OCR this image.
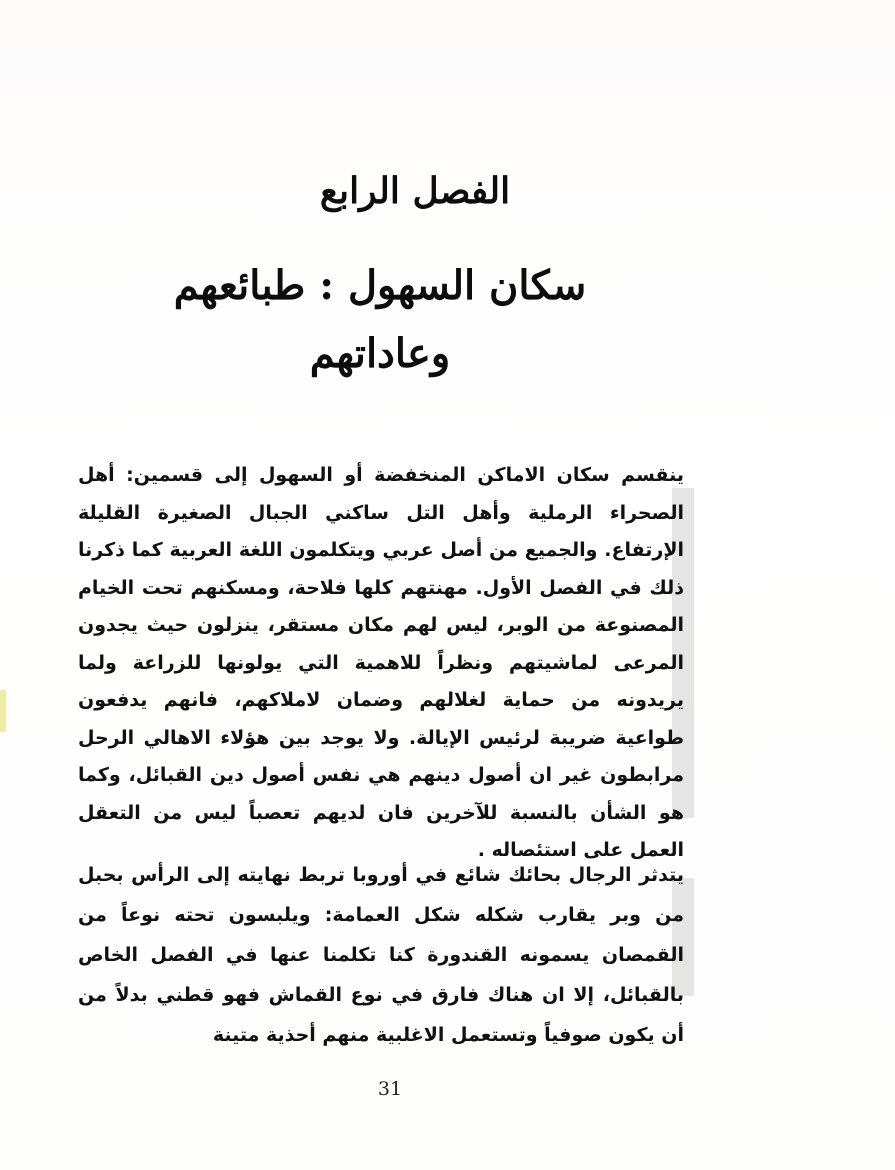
الفصل الرابع
سكان السهول : طبائعهم وعاداتهم

ينقسم سكان الاماكن المنخفضة أو السهول إلى قسمين: أهل الصحراء الرملية وأهل التل ساكني الجبال الصغيرة القليلة الإرتفاع. والجميع من أصل عربي ويتكلمون اللغة العربية كما ذكرنا ذلك في الفصل الأول. مهنتهم كلها فلاحة، ومسكنهم تحت الخيام المصنوعة من الوبر، ليس لهم مكان مستقر، ينزلون حيث يجدون المرعى لماشيتهم ونظراً للاهمية التي يولونها للزراعة ولما يريدونه من حماية لغلالهم وضمان لاملاكهم، فانهم يدفعون طواعية ضريبة لرئيس الإيالة. ولا يوجد بين هؤلاء الاهالي الرحل مرابطون غير ان أصول دينهم هي نفس أصول دين القبائل، وكما هو الشأن بالنسبة للآخرين فان لديهم تعصباً ليس من التعقل العمل على استئصاله .

يتدثر الرجال بحائك شائع في أوروبا تربط نهايته إلى الرأس بحبل من وبر يقارب شكله شكل العمامة: ويلبسون تحته نوعاً من القمصان يسمونه القندورة كنا تكلمنا عنها في الفصل الخاص بالقبائل، إلا ان هناك فارق في نوع القماش فهو قطني بدلاً من أن يكون صوفياً وتستعمل الاغلبية منهم أحذية متينة

31
